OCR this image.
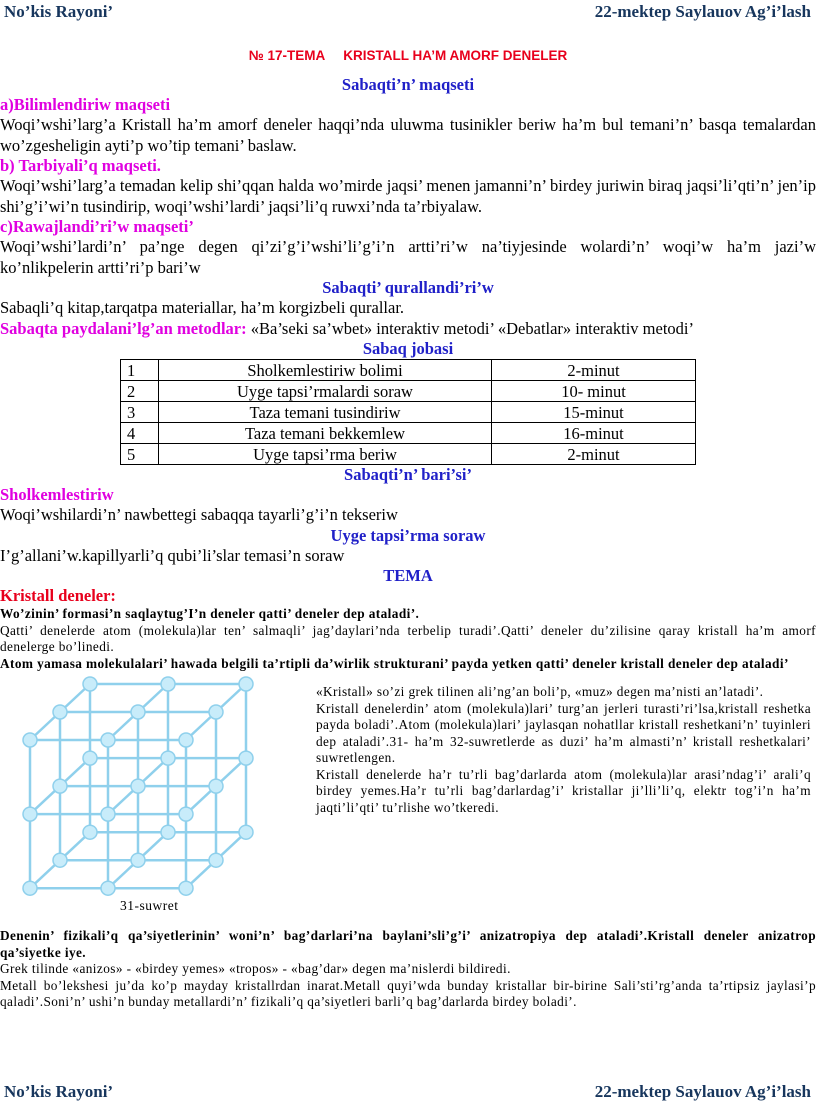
No’kis Rayoni’	22-mektep Saylauov Ag’i’lash
№ 17-TEMA KRISTALL HA’M AMORF DENELER
Sabaqti’n’ maqseti
a)Bilimlendiriw maqseti
Woqi’wshi’larg’a Kristall ha’m amorf deneler haqqi’nda uluwma tusinikler beriw ha’m bul temani’n’ basqa temalardan wo’zgesheligin ayti’p wo’tip temani’ baslaw.
b) Tarbiyali’q maqseti.
Woqi’wshi’larg’a temadan kelip shi’qqan halda wo’mirde jaqsi’ menen jamanni’n’ birdey juriwin biraq jaqsi’li’qti’n’ jen’ip shi’g’i’wi’n tusindirip, woqi’wshi’lardi’ jaqsi’li’q ruwxi’nda ta’rbiyalaw.
c)Rawajlandi’ri’w maqseti’
Woqi’wshi’lardi’n’ pa’nge degen qi’zi’g’i’wshi’li’g’i’n artti’ri’w na’tiyjesinde wolardi’n’ woqi’w ha’m jazi’w ko’nlikpelerin artti’ri’p bari’w
Sabaqti’ qurallandi’ri’w
Sabaqli’q kitap,tarqatpa materiallar, ha’m korgizbeli qurallar.
Sabaqta paydalani’lg’an metodlar: «Ba’seki sa’wbet» interaktiv metodi’ «Debatlar» interaktiv metodi’
Sabaq jobasi
1	Sholkemlestiriw bolimi	2-minut
2	Uyge tapsi’rmalardi soraw	10- minut
3	Taza temani tusindiriw	15-minut
4	Taza temani bekkemlew	16-minut
5	Uyge tapsi’rma beriw	2-minut
Sabaqti’n’ bari’si’
Sholkemlestiriw
Woqi’wshilardi’n’ nawbettegi sabaqqa tayarli’g’i’n tekseriw
Uyge tapsi’rma soraw
I’g’allani’w.kapillyarli’q qubi’li’slar temasi’n soraw
TEMA
Kristall deneler:
Wo’zinin’ formasi’n saqlaytug’I’n deneler qatti’ deneler dep ataladi’.
Qatti’ denelerde atom (molekula)lar ten’ salmaqli’ jag’daylari’nda terbelip turadi’.Qatti’ deneler du’zilisine qaray kristall ha’m amorf denelerge bo’linedi.
Atom yamasa molekulalari’ hawada belgili ta’rtipli da’wirlik strukturani’ payda yetken qatti’ deneler kristall deneler dep ataladi’
«Kristall» so’zi grek tilinen ali’ng’an boli’p, «muz» degen ma’nisti an’latadi’.
Kristall denelerdin’ atom (molekula)lari’ turg’an jerleri turasti’ri’lsa,kristall reshetka payda boladi’.Atom (molekula)lari’ jaylasqan nohatllar kristall reshetkani’n’ tuyinleri dep ataladi’.31- ha’m 32-suwretlerde as duzi’ ha’m almasti’n’ kristall reshetkalari’ suwretlengen.
Kristall denelerde ha’r tu’rli bag’darlarda atom (molekula)lar arasi’ndag’i’ arali’q birdey yemes.Ha’r tu’rli bag’darlardag’i’ kristallar ji’lli’li’q, elektr tog’i’n ha’m jaqti’li’qti’ tu’rlishe wo’tkeredi.
31-suwret
Denenin’ fizikali’q qa’siyetlerinin’ woni’n’ bag’darlari’na baylani’sli’g’i’ anizatropiya dep ataladi’.Kristall deneler anizatrop qa’siyetke iye.
Grek tilinde «anizos» - «birdey yemes» «tropos» - «bag’dar» degen ma’nislerdi bildiredi.
Metall bo’lekshesi ju’da ko’p mayday kristallrdan inarat.Metall quyi’wda bunday kristallar bir-birine Sali’sti’rg’anda ta’rtipsiz jaylasi’p qaladi’.Soni’n’ ushi’n bunday metallardi’n’ fizikali’q qa’siyetleri barli’q bag’darlarda birdey boladi’.
No’kis Rayoni’	22-mektep Saylauov Ag’i’lash
